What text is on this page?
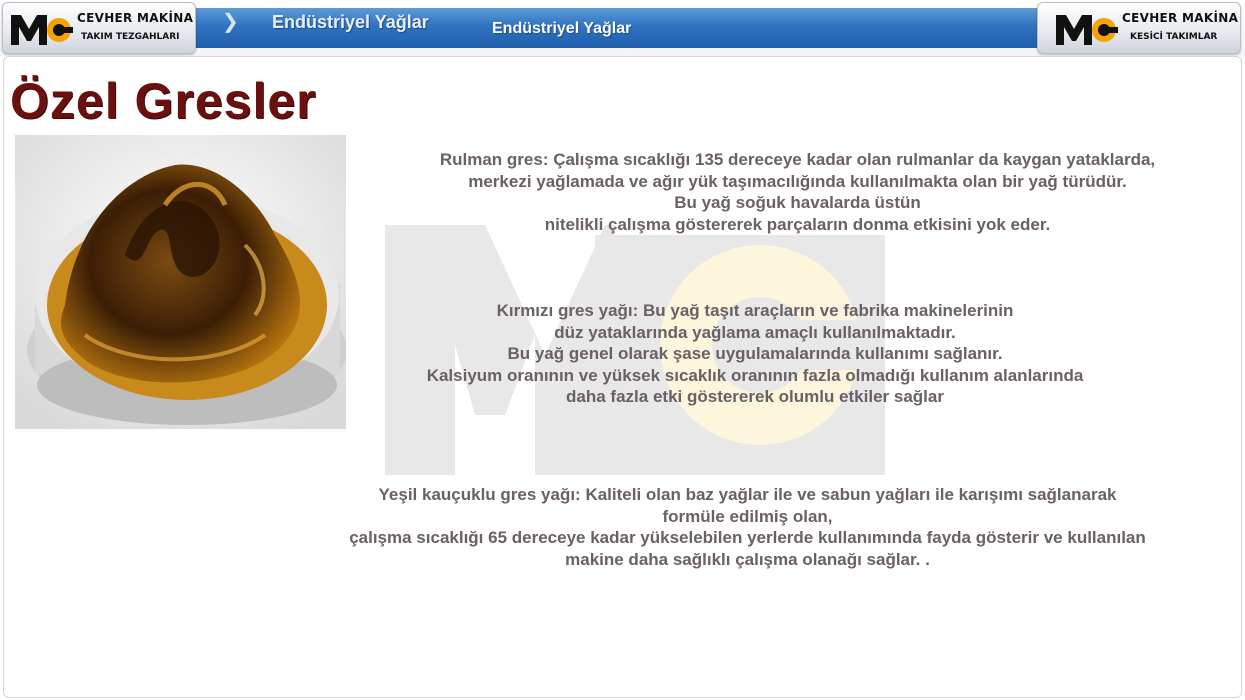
CEVHER MAKİNA
TAKIM TEZGAHLARI
❯ Endüstriyel Yağlar	Endüstriyel Yağlar
CEVHER MAKİNA
KESİCİ TAKIMLAR
Özel Gresler
Rulman gres: Çalışma sıcaklığı 135 dereceye kadar olan rulmanlar da kaygan yataklarda,
merkezi yağlamada ve ağır yük taşımacılığında kullanılmakta olan bir yağ türüdür.
Bu yağ soğuk havalarda üstün
nitelikli çalışma göstererek parçaların donma etkisini yok eder.
Kırmızı gres yağı: Bu yağ taşıt araçların ve fabrika makinelerinin
düz yataklarında yağlama amaçlı kullanılmaktadır.
Bu yağ genel olarak şase uygulamalarında kullanımı sağlanır.
Kalsiyum oranının ve yüksek sıcaklık oranının fazla olmadığı kullanım alanlarında
daha fazla etki göstererek olumlu etkiler sağlar
Yeşil kauçuklu gres yağı: Kaliteli olan baz yağlar ile ve sabun yağları ile karışımı sağlanarak
formüle edilmiş olan,
çalışma sıcaklığı 65 dereceye kadar yükselebilen yerlerde kullanımında fayda gösterir ve kullanılan
makine daha sağlıklı çalışma olanağı sağlar. .
